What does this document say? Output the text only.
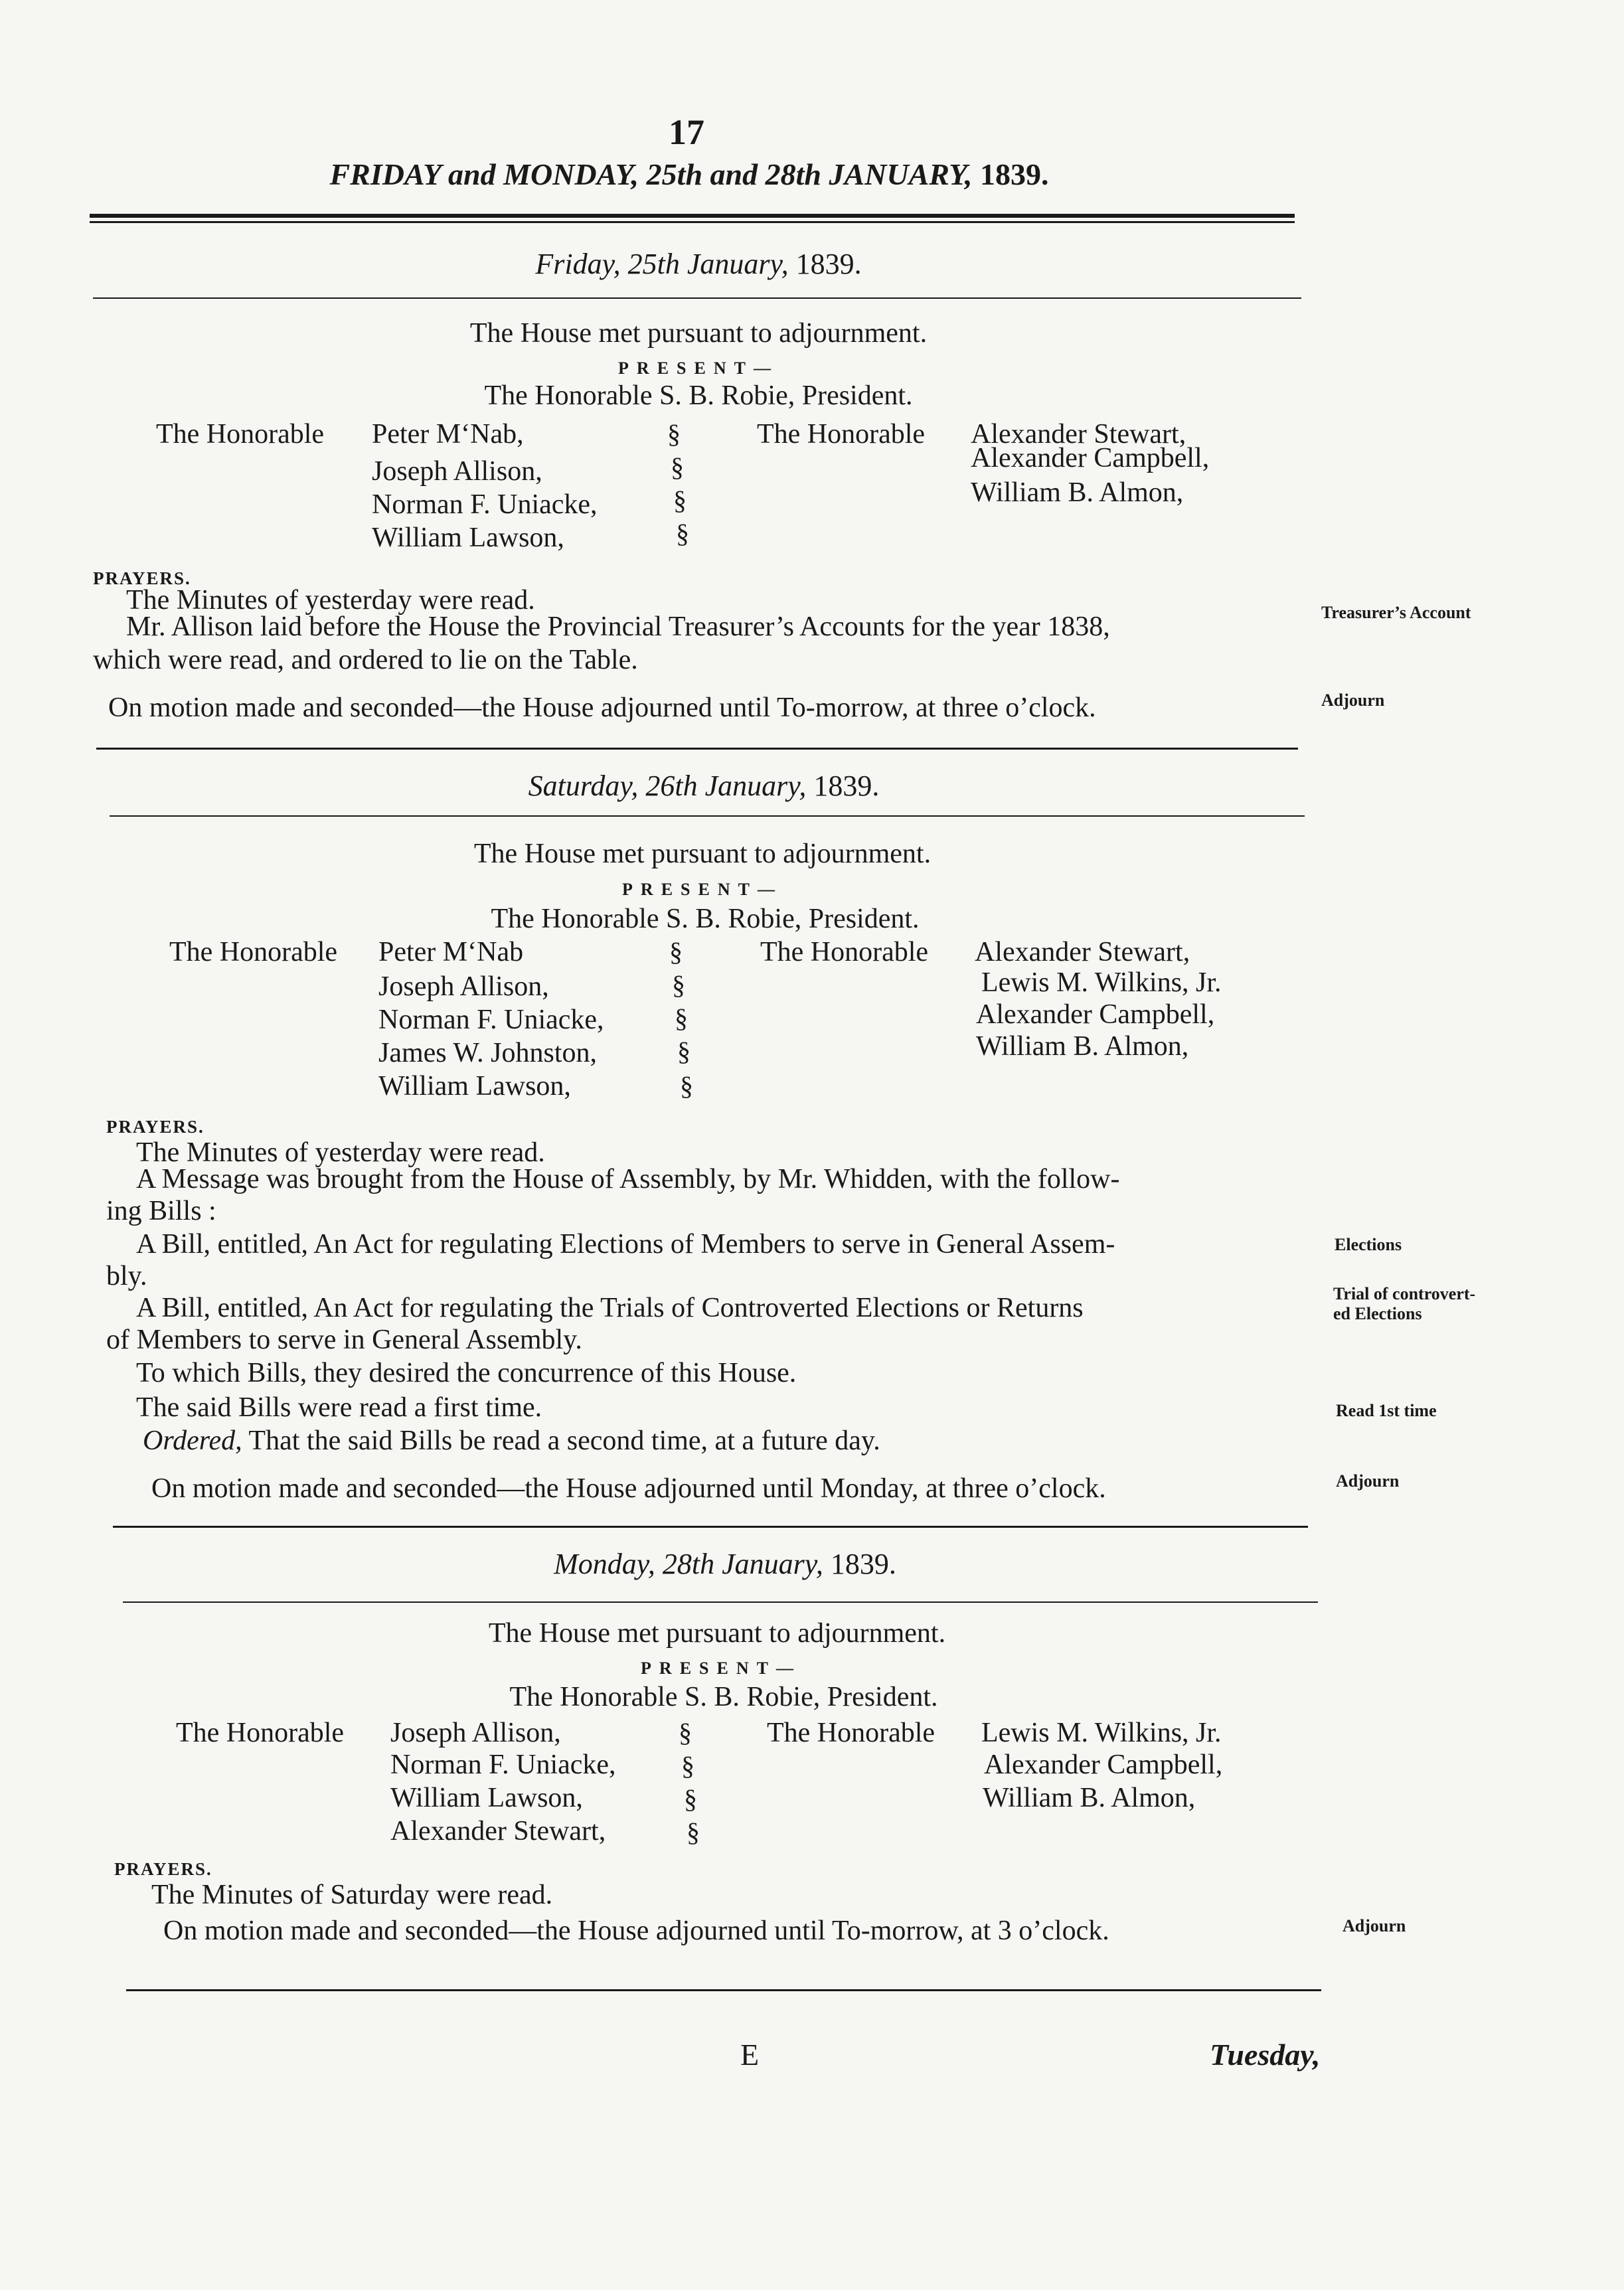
17
FRIDAY and MONDAY, 25th and 28th JANUARY, 1839.
Friday, 25th January, 1839.
The House met pursuant to adjournment.
PRESENT—
The Honorable S. B. Robie, President.
The Honorable Peter M‘Nab,
Joseph Allison,
Norman F. Uniacke,
William Lawson,
§
§
§
§
The Honorable Alexander Stewart,
Alexander Campbell,
William B. Almon,
PRAYERS.
The Minutes of yesterday were read.
Mr. Allison laid before the House the Provincial Treasurer’s Accounts for the year 1838,
which were read, and ordered to lie on the Table.
On motion made and seconded—the House adjourned until To-morrow, at three o’clock.
Treasurer’s Account
Adjourn
Saturday, 26th January, 1839.
The House met pursuant to adjournment.
PRESENT—
The Honorable S. B. Robie, President.
The Honorable Peter M‘Nab
Joseph Allison,
Norman F. Uniacke,
James W. Johnston,
William Lawson,
§
§
§
§
§
The Honorable Alexander Stewart,
Lewis M. Wilkins, Jr.
Alexander Campbell,
William B. Almon,
PRAYERS.
The Minutes of yesterday were read.
A Message was brought from the House of Assembly, by Mr. Whidden, with the follow-
ing Bills :
A Bill, entitled, An Act for regulating Elections of Members to serve in General Assem-
bly.
A Bill, entitled, An Act for regulating the Trials of Controverted Elections or Returns
of Members to serve in General Assembly.
To which Bills, they desired the concurrence of this House.
The said Bills were read a first time.
Ordered, That the said Bills be read a second time, at a future day.
On motion made and seconded—the House adjourned until Monday, at three o’clock.
Elections
Trial of controvert-
ed Elections
Read 1st time
Adjourn
Monday, 28th January, 1839.
The House met pursuant to adjournment.
PRESENT—
The Honorable S. B. Robie, President.
The Honorable Joseph Allison,
Norman F. Uniacke,
William Lawson,
Alexander Stewart,
§
§
§
§
The Honorable Lewis M. Wilkins, Jr.
Alexander Campbell,
William B. Almon,
PRAYERS.
The Minutes of Saturday were read.
On motion made and seconded—the House adjourned until To-morrow, at 3 o’clock.	Adjourn
E	Tuesday,
